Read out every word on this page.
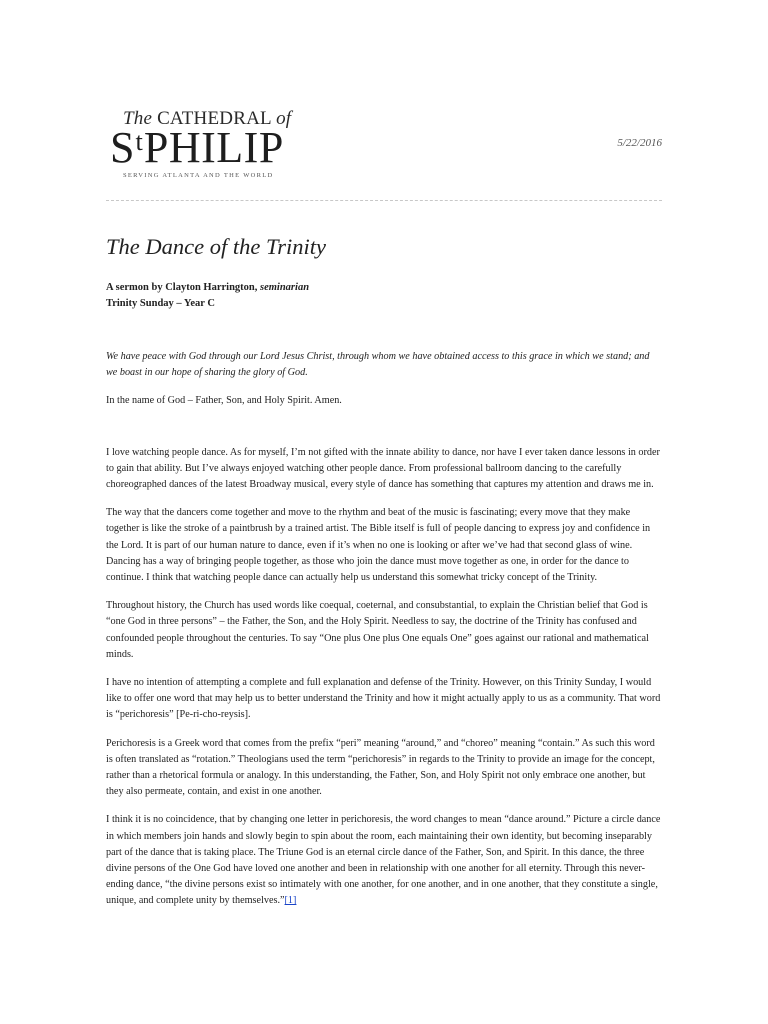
The CATHEDRAL of
SᵗPHILIP
SERVING ATLANTA AND THE WORLD
5/22/2016
The Dance of the Trinity
A sermon by Clayton Harrington, seminarian
Trinity Sunday – Year C

We have peace with God through our Lord Jesus Christ, through whom we have obtained access to this grace in which we stand; and we boast in our hope of sharing the glory of God.

In the name of God – Father, Son, and Holy Spirit. Amen.

I love watching people dance. As for myself, I’m not gifted with the innate ability to dance, nor have I ever taken dance lessons in order to gain that ability. But I’ve always enjoyed watching other people dance. From professional ballroom dancing to the carefully choreographed dances of the latest Broadway musical, every style of dance has something that captures my attention and draws me in.

The way that the dancers come together and move to the rhythm and beat of the music is fascinating; every move that they make together is like the stroke of a paintbrush by a trained artist. The Bible itself is full of people dancing to express joy and confidence in the Lord. It is part of our human nature to dance, even if it’s when no one is looking or after we’ve had that second glass of wine. Dancing has a way of bringing people together, as those who join the dance must move together as one, in order for the dance to continue. I think that watching people dance can actually help us understand this somewhat tricky concept of the Trinity.

Throughout history, the Church has used words like coequal, coeternal, and consubstantial, to explain the Christian belief that God is “one God in three persons” – the Father, the Son, and the Holy Spirit. Needless to say, the doctrine of the Trinity has confused and confounded people throughout the centuries. To say “One plus One plus One equals One” goes against our rational and mathematical minds.

I have no intention of attempting a complete and full explanation and defense of the Trinity. However, on this Trinity Sunday, I would like to offer one word that may help us to better understand the Trinity and how it might actually apply to us as a community. That word is “perichoresis” [Pe-ri-cho-reysis].

Perichoresis is a Greek word that comes from the prefix “peri” meaning “around,” and “choreo” meaning “contain.” As such this word is often translated as “rotation.” Theologians used the term “perichoresis” in regards to the Trinity to provide an image for the concept, rather than a rhetorical formula or analogy. In this understanding, the Father, Son, and Holy Spirit not only embrace one another, but they also permeate, contain, and exist in one another.

I think it is no coincidence, that by changing one letter in perichoresis, the word changes to mean “dance around.” Picture a circle dance in which members join hands and slowly begin to spin about the room, each maintaining their own identity, but becoming inseparably part of the dance that is taking place. The Triune God is an eternal circle dance of the Father, Son, and Spirit. In this dance, the three divine persons of the One God have loved one another and been in relationship with one another for all eternity. Through this never-ending dance, “the divine persons exist so intimately with one another, for one another, and in one another, that they constitute a single, unique, and complete unity by themselves.”[1]
